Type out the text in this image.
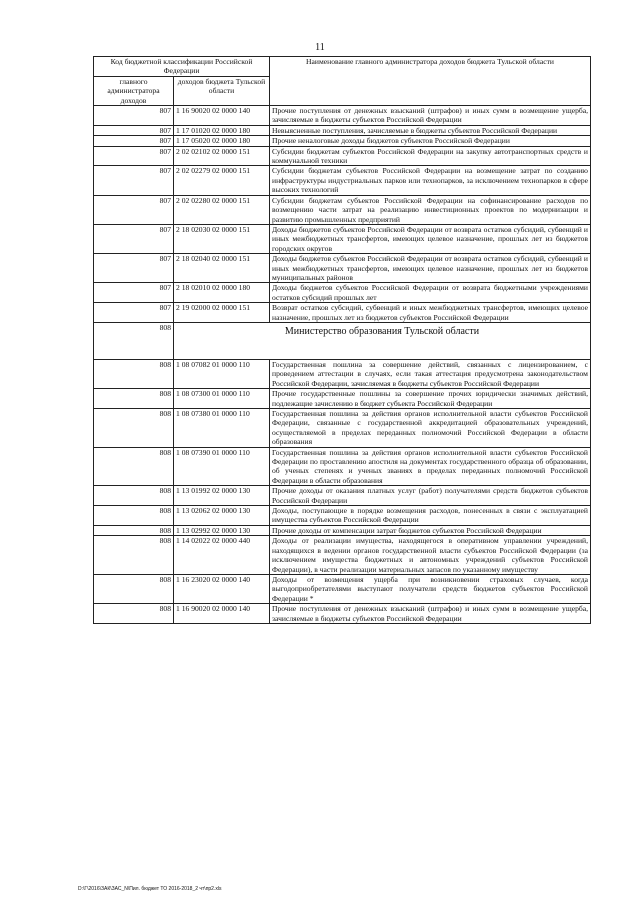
11
Код бюджетной классификации Российской Федерации		Наименование главного администратора доходов бюджета Тульской области
главного администратора доходов	доходов бюджета Тульской области	
807	1 16 90020 02 0000 140	Прочие поступления от денежных взысканий (штрафов) и иных сумм в возмещение ущерба, зачисляемые в бюджеты субъектов Российской Федерации
807	1 17 01020 02 0000 180	Невыясненные поступления, зачисляемые в бюджеты субъектов Российской Федерации
807	1 17 05020 02 0000 180	Прочие неналоговые доходы бюджетов субъектов Российской Федерации
807	2 02 02102 02 0000 151	Субсидии бюджетам субъектов Российской Федерации на закупку автотранспортных средств и коммунальной техники
807	2 02 02279 02 0000 151	Субсидии бюджетам субъектов Российской Федерации на возмещение затрат по созданию инфраструктуры индустриальных парков или технопарков, за исключением технопарков в сфере высоких технологий
807	2 02 02280 02 0000 151	Субсидии бюджетам субъектов Российской Федерации на софинансирование расходов по возмещению части затрат на реализацию инвестиционных проектов по модернизации и развитию промышленных предприятий
807	2 18 02030 02 0000 151	Доходы бюджетов субъектов Российской Федерации от возврата остатков субсидий, субвенций и иных межбюджетных трансфертов, имеющих целевое назначение, прошлых лет из бюджетов городских округов
807	2 18 02040 02 0000 151	Доходы бюджетов субъектов Российской Федерации от возврата остатков субсидий, субвенций и иных межбюджетных трансфертов, имеющих целевое назначение, прошлых лет из бюджетов муниципальных районов
807	2 18 02010 02 0000 180	Доходы бюджетов субъектов Российской Федерации от возврата бюджетными учреждениями остатков субсидий прошлых лет
807	2 19 02000 02 0000 151	Возврат остатков субсидий, субвенций и иных межбюджетных трансфертов, имеющих целевое назначение, прошлых лет из бюджетов субъектов Российской Федерации
808	Министерство образования Тульской области	
808	1 08 07082 01 0000 110	Государственная пошлина за совершение действий, связанных с лицензированием, с проведением аттестации в случаях, если такая аттестация предусмотрена законодательством Российской Федерации, зачисляемая в бюджеты субъектов Российской Федерации
808	1 08 07300 01 0000 110	Прочие государственные пошлины за совершение прочих юридически значимых действий, подлежащие зачислению в бюджет субъекта Российской Федерации
808	1 08 07380 01 0000 110	Государственная пошлина за действия органов исполнительной власти субъектов Российской Федерации, связанные с государственной аккредитацией образовательных учреждений, осуществляемой в пределах переданных полномочий Российской Федерации в области образования
808	1 08 07390 01 0000 110	Государственная пошлина за действия органов исполнительной власти субъектов Российской Федерации по проставлению апостиля на документах государственного образца об образовании, об ученых степенях и ученых званиях в пределах переданных полномочий Российской Федерации в области образования
808	1 13 01992 02 0000 130	Прочие доходы от оказания платных услуг (работ) получателями средств бюджетов субъектов Российской Федерации
808	1 13 02062 02 0000 130	Доходы, поступающие в порядке возмещения расходов, понесенных в связи с эксплуатацией имущества субъектов Российской Федерации
808	1 13 02992 02 0000 130	Прочие доходы от компенсации затрат бюджетов субъектов Российской Федерации
808	1 14 02022 02 0000 440	Доходы от реализации имущества, находящегося в оперативном управлении учреждений, находящихся в ведении органов государственной власти субъектов Российской Федерации (за исключением имущества бюджетных и автономных учреждений субъектов Российской Федерации), в части реализации материальных запасов по указанному имуществу
808	1 16 23020 02 0000 140	Доходы от возмещения ущерба при возникновении страховых случаев, когда выгодоприобретателями выступают получатели средств бюджетов субъектов Российской Федерации *
808	1 16 90020 02 0000 140	Прочие поступления от денежных взысканий (штрафов) и иных сумм в возмещение ущерба, зачисляемые в бюджеты субъектов Российской Федерации
D:\Г\2016\ЗАК\ЗАС_N\Пил. бюджет ТО 2016-2018_2 чт\пр2.xls
